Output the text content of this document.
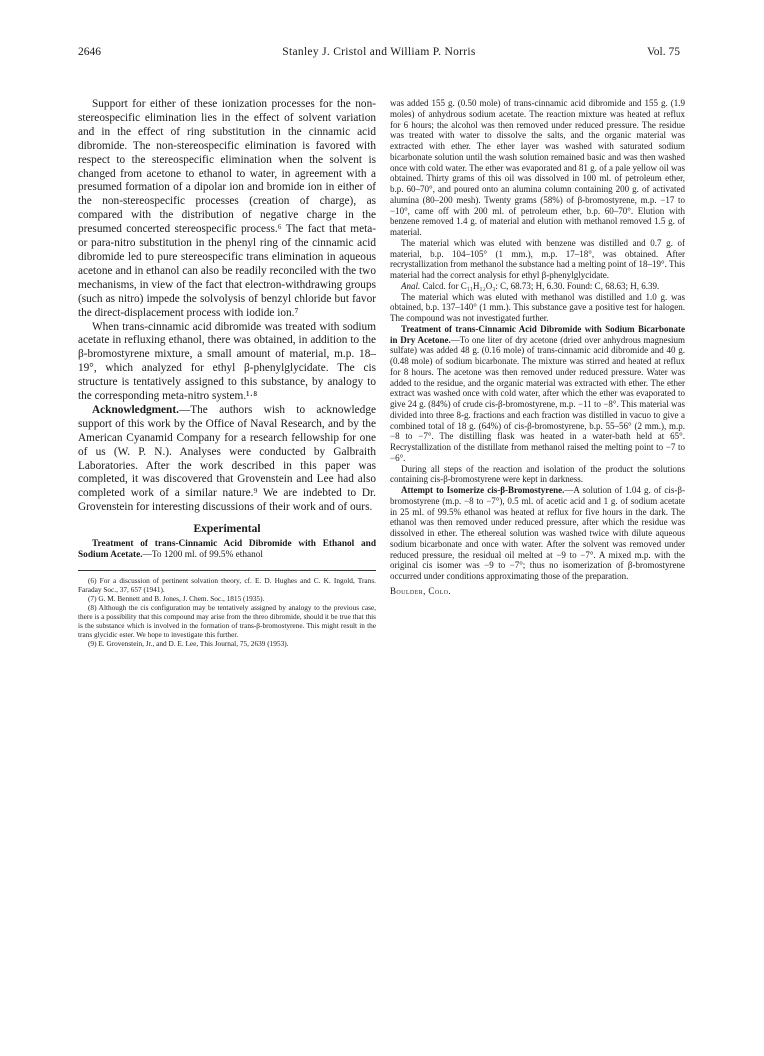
2646	Stanley J. Cristol and William P. Norris	Vol. 75

Support for either of these ionization processes for the non-stereospecific elimination lies in the effect of solvent variation and in the effect of ring substitution in the cinnamic acid dibromide. The non-stereospecific elimination is favored with respect to the stereospecific elimination when the solvent is changed from acetone to ethanol to water, in agreement with a presumed formation of a dipolar ion and bromide ion in either of the non-stereospecific processes (creation of charge), as compared with the distribution of negative charge in the presumed concerted stereospecific process.⁶ The fact that meta- or para-nitro substitution in the phenyl ring of the cinnamic acid dibromide led to pure stereospecific trans elimination in aqueous acetone and in ethanol can also be readily reconciled with the two mechanisms, in view of the fact that electron-withdrawing groups (such as nitro) impede the solvolysis of benzyl chloride but favor the direct-displacement process with iodide ion.⁷

When trans-cinnamic acid dibromide was treated with sodium acetate in refluxing ethanol, there was obtained, in addition to the β-bromostyrene mixture, a small amount of material, m.p. 18–19°, which analyzed for ethyl β-phenylglycidate. The cis structure is tentatively assigned to this substance, by analogy to the corresponding meta-nitro system.¹·⁸

Acknowledgment.—The authors wish to acknowledge support of this work by the Office of Naval Research, and by the American Cyanamid Company for a research fellowship for one of us (W. P. N.). Analyses were conducted by Galbraith Laboratories. After the work described in this paper was completed, it was discovered that Grovenstein and Lee had also completed work of a similar nature.⁹ We are indebted to Dr. Grovenstein for interesting discussions of their work and of ours.

Experimental

Treatment of trans-Cinnamic Acid Dibromide with Ethanol and Sodium Acetate.—To 1200 ml. of 99.5% ethanol

(6) For a discussion of pertinent solvation theory, cf. E. D. Hughes and C. K. Ingold, Trans. Faraday Soc., 37, 657 (1941).

(7) G. M. Bennett and B. Jones, J. Chem. Soc., 1815 (1935).

(8) Although the cis configuration may be tentatively assigned by analogy to the previous case, there is a possibility that this compound may arise from the threo dibromide, should it be true that this is the substance which is involved in the formation of trans-β-bromostyrene. This might result in the trans glycidic ester. We hope to investigate this further.

(9) E. Grovenstein, Jr., and D. E. Lee, This Journal, 75, 2639 (1953).

was added 155 g. (0.50 mole) of trans-cinnamic acid dibromide and 155 g. (1.9 moles) of anhydrous sodium acetate. The reaction mixture was heated at reflux for 6 hours; the alcohol was then removed under reduced pressure. The residue was treated with water to dissolve the salts, and the organic material was extracted with ether. The ether layer was washed with saturated sodium bicarbonate solution until the wash solution remained basic and was then washed once with cold water. The ether was evaporated and 81 g. of a pale yellow oil was obtained. Thirty grams of this oil was dissolved in 100 ml. of petroleum ether, b.p. 60–70°, and poured onto an alumina column containing 200 g. of activated alumina (80–200 mesh). Twenty grams (58%) of β-bromostyrene, m.p. −17 to −10°, came off with 200 ml. of petroleum ether, b.p. 60–70°. Elution with benzene removed 1.4 g. of material and elution with methanol removed 1.5 g. of material.

The material which was eluted with benzene was distilled and 0.7 g. of material, b.p. 104–105° (1 mm.), m.p. 17–18°, was obtained. After recrystallization from methanol the substance had a melting point of 18–19°. This material had the correct analysis for ethyl β-phenylglycidate.

Anal. Calcd. for C₁₁H₁₂O₃: C, 68.73; H, 6.30. Found: C, 68.63; H, 6.39.

The material which was eluted with methanol was distilled and 1.0 g. was obtained, b.p. 137–140° (1 mm.). This substance gave a positive test for halogen. The compound was not investigated further.

Treatment of trans-Cinnamic Acid Dibromide with Sodium Bicarbonate in Dry Acetone.—To one liter of dry acetone (dried over anhydrous magnesium sulfate) was added 48 g. (0.16 mole) of trans-cinnamic acid dibromide and 40 g. (0.48 mole) of sodium bicarbonate. The mixture was stirred and heated at reflux for 8 hours. The acetone was then removed under reduced pressure. Water was added to the residue, and the organic material was extracted with ether. The ether extract was washed once with cold water, after which the ether was evaporated to give 24 g. (84%) of crude cis-β-bromostyrene, m.p. −11 to −8°. This material was divided into three 8-g. fractions and each fraction was distilled in vacuo to give a combined total of 18 g. (64%) of cis-β-bromostyrene, b.p. 55–56° (2 mm.), m.p. −8 to −7°. The distilling flask was heated in a water-bath held at 65°. Recrystallization of the distillate from methanol raised the melting point to −7 to −6°.

During all steps of the reaction and isolation of the product the solutions containing cis-β-bromostyrene were kept in darkness.

Attempt to Isomerize cis-β-Bromostyrene.—A solution of 1.04 g. of cis-β-bromostyrene (m.p. −8 to −7°), 0.5 ml. of acetic acid and 1 g. of sodium acetate in 25 ml. of 99.5% ethanol was heated at reflux for five hours in the dark. The ethanol was then removed under reduced pressure, after which the residue was dissolved in ether. The ethereal solution was washed twice with dilute aqueous sodium bicarbonate and once with water. After the solvent was removed under reduced pressure, the residual oil melted at −9 to −7°. A mixed m.p. with the original cis isomer was −9 to −7°; thus no isomerization of β-bromostyrene occurred under conditions approximating those of the preparation.

Boulder, Colo.
